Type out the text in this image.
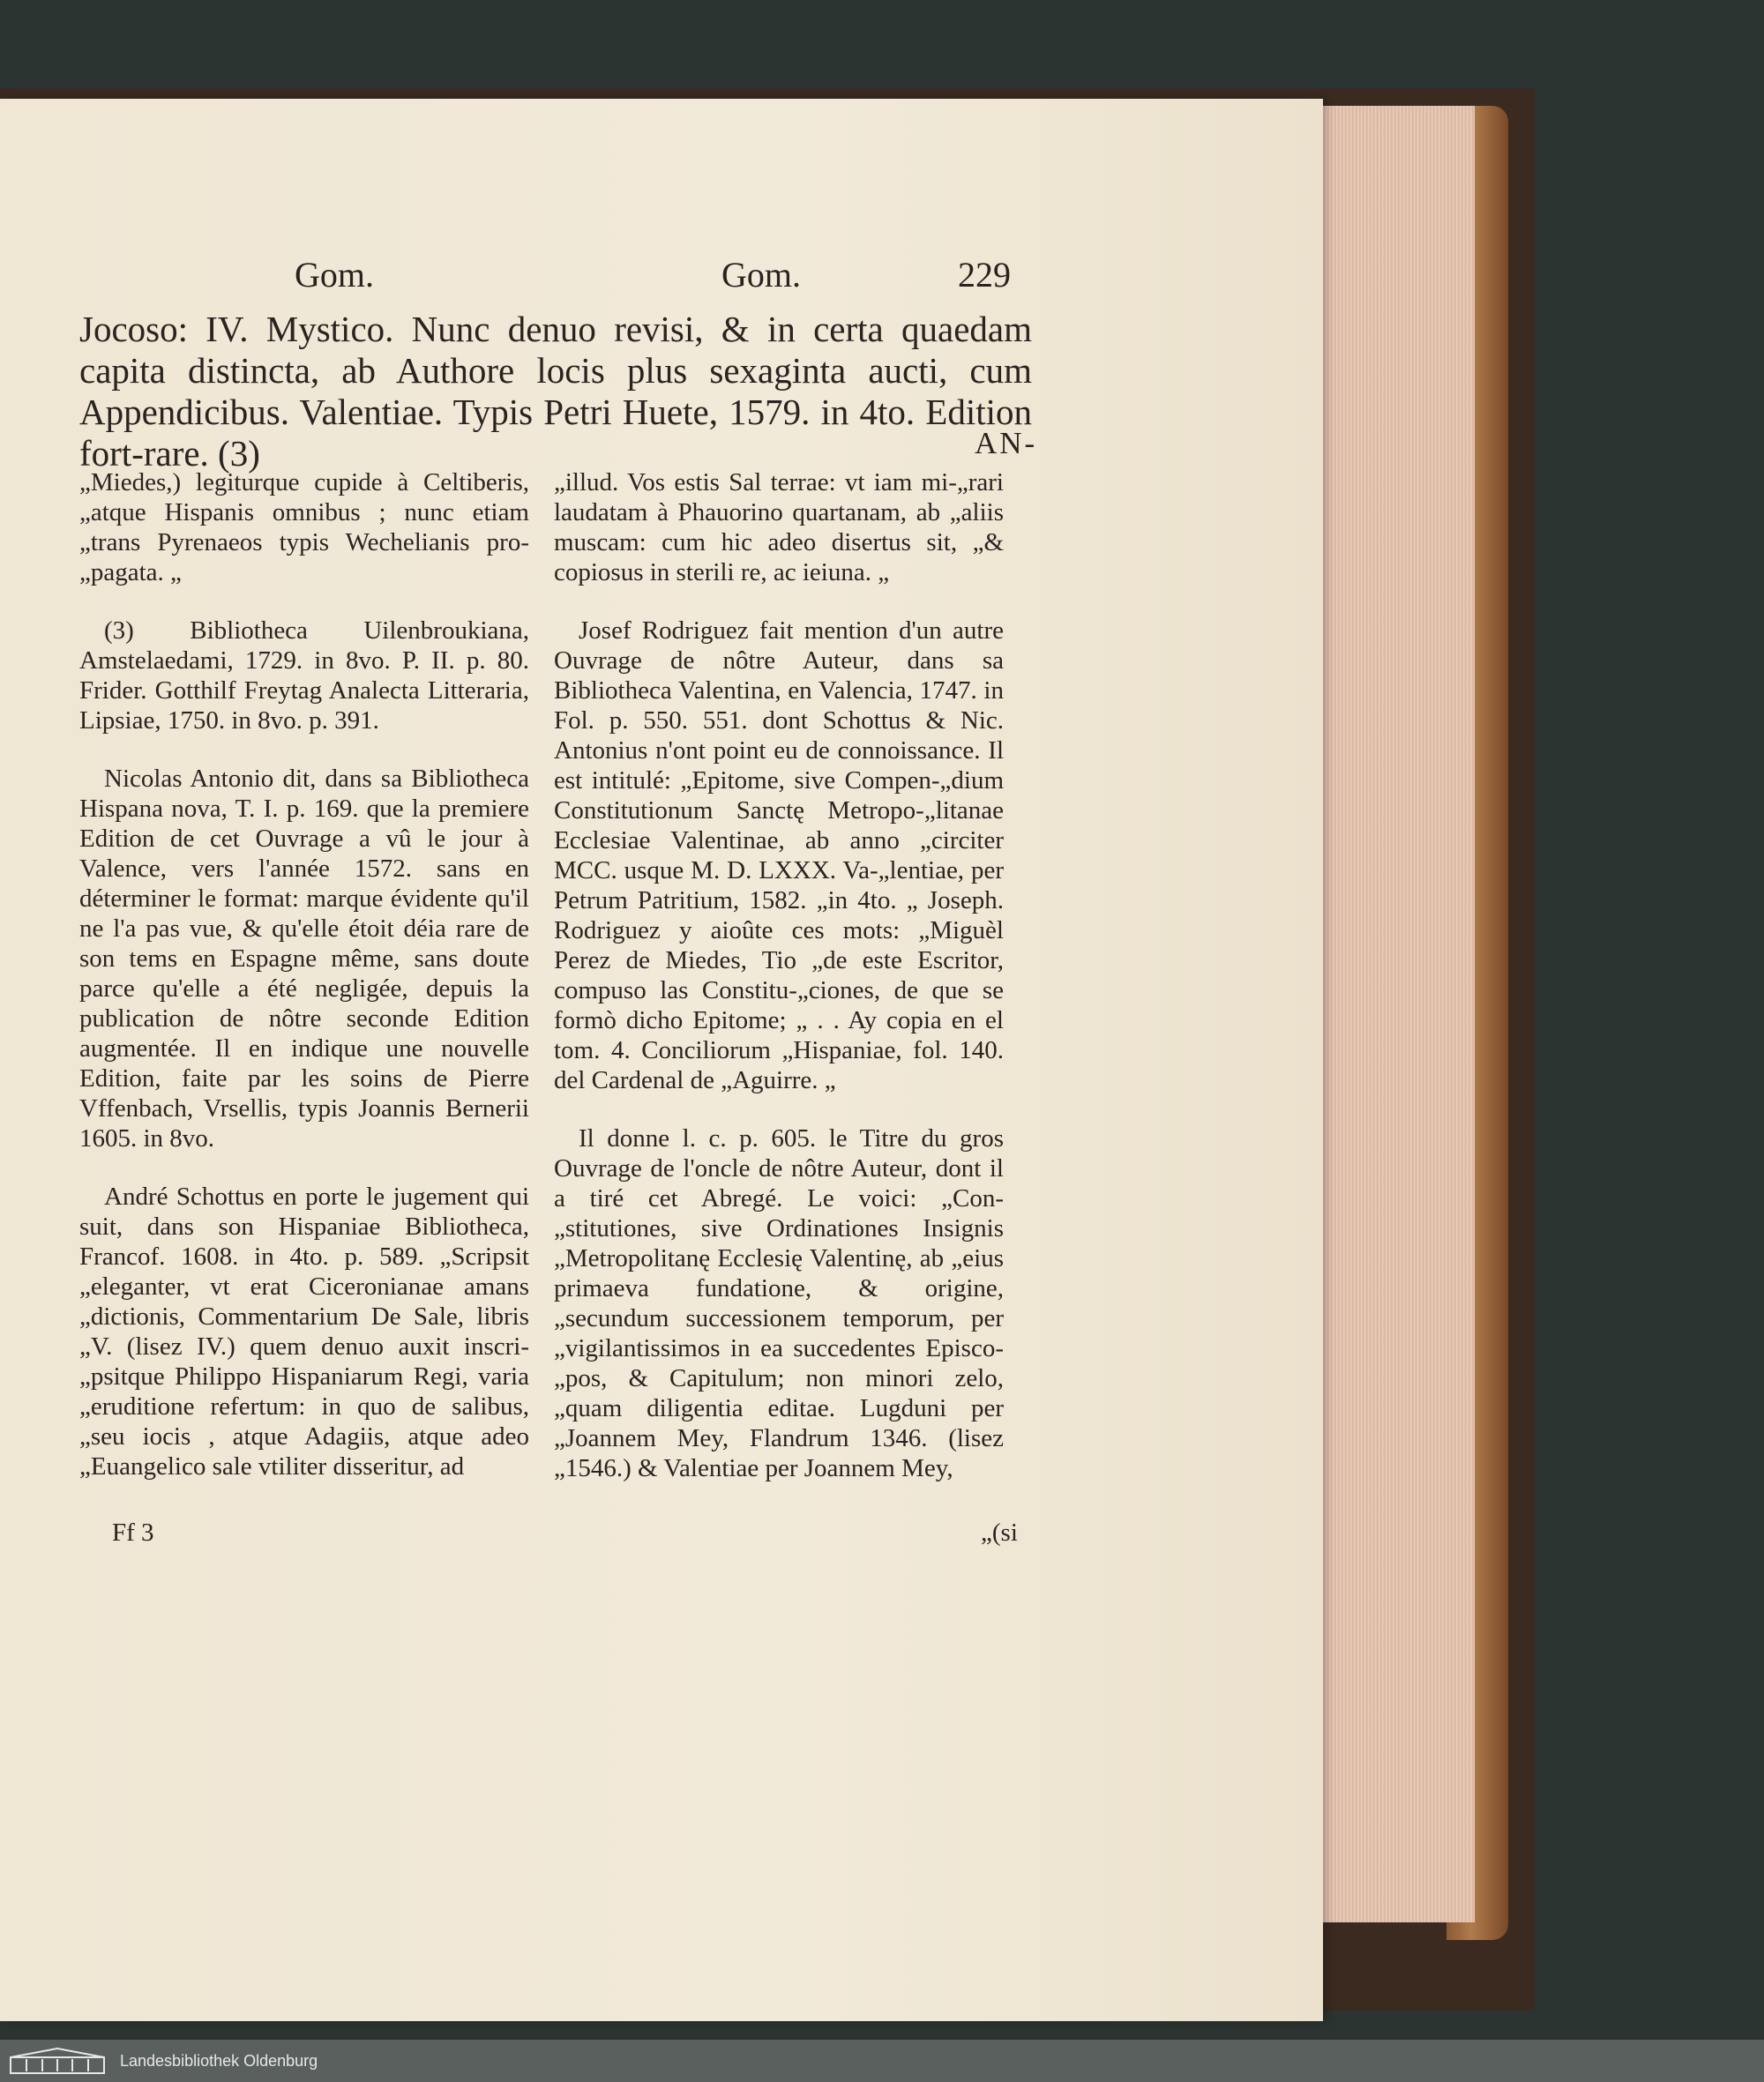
Gom.	Gom.	229
Jocoso: IV. Mystico. Nunc denuo revisi, & in certa quaedam capita distincta, ab Authore locis plus sexaginta aucti, cum Appendicibus. Valentiae. Typis Petri Huete, 1579. in 4to. Edition fort-rare. (3)	AN-

„Miedes,) legiturque cupide à Celtiberis, „atque Hispanis omnibus ; nunc etiam „trans Pyrenaeos typis Wechelianis pro-„pagata. „

(3) Bibliotheca Uilenbroukiana, Amstelaedami, 1729. in 8vo. P. II. p. 80. Frider. Gotthilf Freytag Analecta Litteraria, Lipsiae, 1750. in 8vo. p. 391.

Nicolas Antonio dit, dans sa Bibliotheca Hispana nova, T. I. p. 169. que la premiere Edition de cet Ouvrage a vû le jour à Valence, vers l'année 1572. sans en déterminer le format: marque évidente qu'il ne l'a pas vue, & qu'elle étoit déia rare de son tems en Espagne même, sans doute parce qu'elle a été negligée, depuis la publication de nôtre seconde Edition augmentée. Il en indique une nouvelle Edition, faite par les soins de Pierre Vffenbach, Vrsellis, typis Joannis Bernerii 1605. in 8vo.

André Schottus en porte le jugement qui suit, dans son Hispaniae Bibliotheca, Francof. 1608. in 4to. p. 589. „Scripsit „eleganter, vt erat Ciceronianae amans „dictionis, Commentarium De Sale, libris „V. (lisez IV.) quem denuo auxit inscri-„psitque Philippo Hispaniarum Regi, varia „eruditione refertum: in quo de salibus, „seu iocis , atque Adagiis, atque adeo „Euangelico sale vtiliter disseritur, ad

„illud. Vos estis Sal terrae: vt iam mi-„rari laudatam à Phauorino quartanam, ab „aliis muscam: cum hic adeo disertus sit, „& copiosus in sterili re, ac ieiuna. „

Josef Rodriguez fait mention d'un autre Ouvrage de nôtre Auteur, dans sa Bibliotheca Valentina, en Valencia, 1747. in Fol. p. 550. 551. dont Schottus & Nic. Antonius n'ont point eu de connoissance. Il est intitulé: „Epitome, sive Compen-„dium Constitutionum Sanctę Metropo-„litanae Ecclesiae Valentinae, ab anno „circiter MCC. usque M. D. LXXX. Va-„lentiae, per Petrum Patritium, 1582. „in 4to. „ Joseph. Rodriguez y aioûte ces mots: „Miguèl Perez de Miedes, Tio „de este Escritor, compuso las Constitu-„ciones, de que se formò dicho Epitome; „ . . Ay copia en el tom. 4. Conciliorum „Hispaniae, fol. 140. del Cardenal de „Aguirre. „

Il donne l. c. p. 605. le Titre du gros Ouvrage de l'oncle de nôtre Auteur, dont il a tiré cet Abregé. Le voici: „Con-„stitutiones, sive Ordinationes Insignis „Metropolitanę Ecclesię Valentinę, ab „eius primaeva fundatione, & origine, „secundum successionem temporum, per „vigilantissimos in ea succedentes Episco-„pos, & Capitulum; non minori zelo, „quam diligentia editae. Lugduni per „Joannem Mey, Flandrum 1346. (lisez „1546.) & Valentiae per Joannem Mey,

Ff 3	„(si
Landesbibliothek Oldenburg
